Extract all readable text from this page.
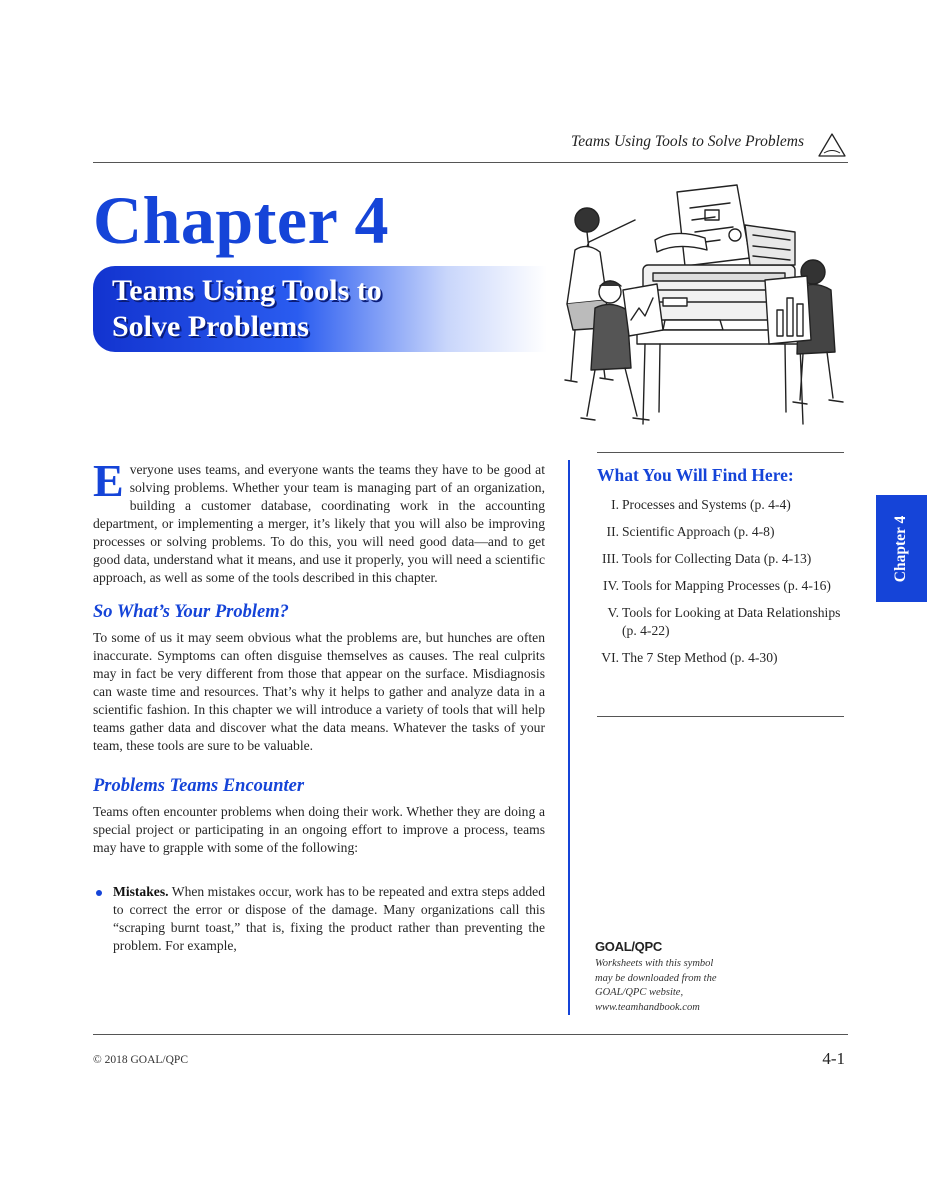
Teams Using Tools to Solve Problems
Chapter 4
Teams Using Tools to
Solve Problems

Everyone uses teams, and everyone wants the teams they have to be good at solving problems. Whether your team is managing part of an organization, building a customer database, coordinating work in the accounting department, or implementing a merger, it’s likely that you will also be improving processes or solving problems. To do this, you will need good data—and to get good data, understand what it means, and use it properly, you will need a scientific approach, as well as some of the tools described in this chapter.

So What’s Your Problem?

To some of us it may seem obvious what the problems are, but hunches are often inaccurate. Symptoms can often disguise themselves as causes. The real culprits may in fact be very different from those that appear on the surface. Misdiagnosis can waste time and resources. That’s why it helps to gather and analyze data in a scientific fashion. In this chapter we will introduce a variety of tools that will help teams gather data and discover what the data means. Whatever the tasks of your team, these tools are sure to be valuable.

Problems Teams Encounter

Teams often encounter problems when doing their work. Whether they are doing a special project or participating in an ongoing effort to improve a process, teams may have to grapple with some of the following:

Mistakes. When mistakes occur, work has to be repeated and extra steps added to correct the error or dispose of the damage. Many organizations call this “scraping burnt toast,” that is, fixing the product rather than preventing the problem. For example,
What You Will Find Here:
I. Processes and Systems (p. 4-4)
II. Scientific Approach (p. 4-8)
III. Tools for Collecting Data (p. 4-13)
IV. Tools for Mapping Processes (p. 4-16)
V. Tools for Looking at Data Relationships (p. 4-22)
VI. The 7 Step Method (p. 4-30)
GOAL/QPC
Worksheets with this symbol
may be downloaded from the
GOAL/QPC website,
www.teamhandbook.com
Chapter 4
© 2018 GOAL/QPC	4-1
